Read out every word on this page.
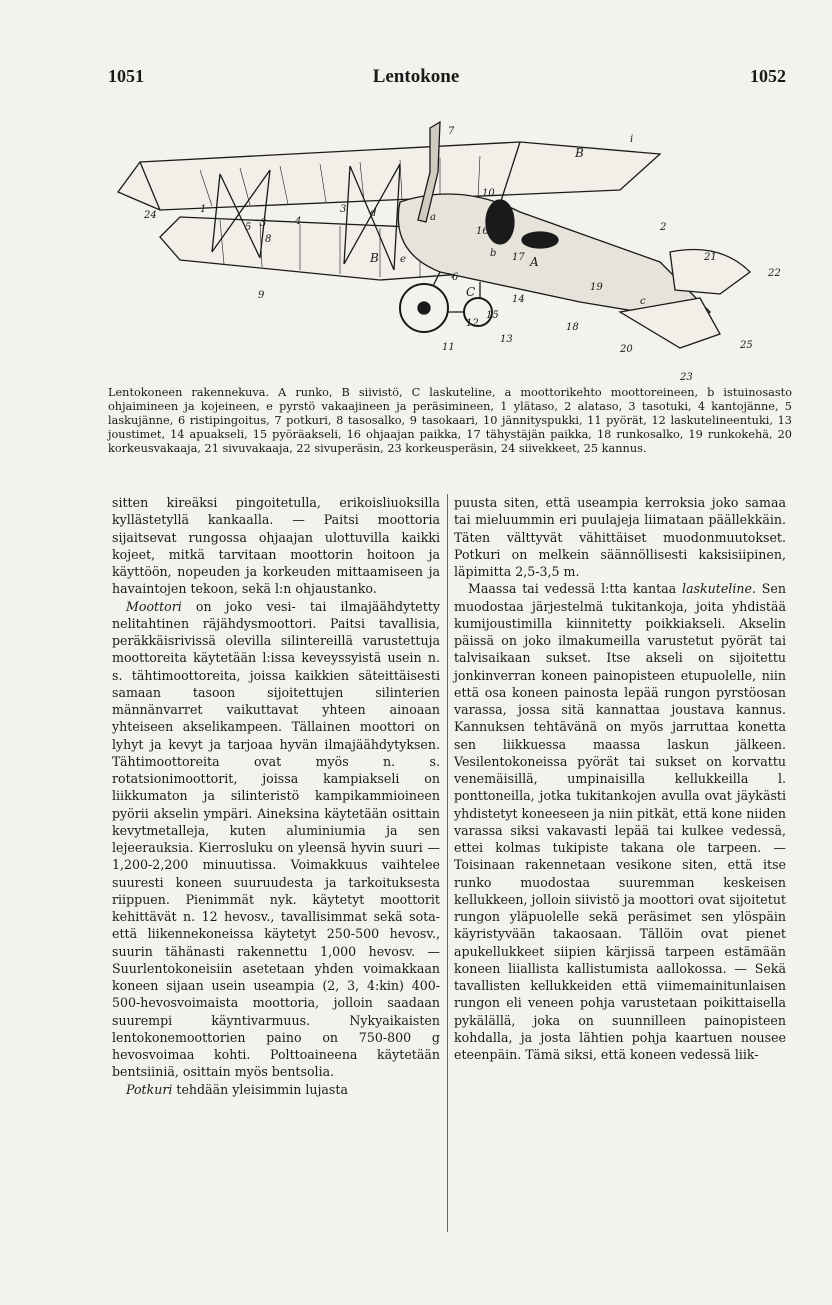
1051	Lentokone	1052
B
B	A
C
a
c
d
e
i
b
2
3
3
4
5
6
7
8
9
10
11
12
13
14
15
16
17
18
19
20
21
22
23
24
25
1

Lentokoneen rakennekuva. A runko, B siivistö, C laskuteline, a moottorikehto moottoreineen, b istuinosasto ohjaimineen ja kojeineen, e pyrstö vakaajineen ja peräsimineen, 1 ylätaso, 2 alataso, 3 tasotuki, 4 kantojänne, 5 laskujänne, 6 ristipingoitus, 7 potkuri, 8 tasosalko, 9 tasokaari, 10 jännityspukki, 11 pyörät, 12 laskutelineentuki, 13 joustimet, 14 apuakseli, 15 pyöräakseli, 16 ohjaajan paikka, 17 tähystäjän paikka, 18 runkosalko, 19 runkokehä, 20 korkeusvakaaja, 21 sivuvakaaja, 22 sivuperäsin, 23 korkeusperäsin, 24 siivekkeet, 25 kannus.

sitten kireäksi pingoitetulla, erikoisliuoksilla kyllästetyllä kankaalla. — Paitsi moottoria sijaitsevat rungossa ohjaajan ulottuvilla kaikki kojeet, mitkä tarvitaan moottorin hoitoon ja käyttöön, nopeuden ja korkeuden mittaamiseen ja havaintojen tekoon, sekä l:n ohjaustanko.

Moottori on joko vesi- tai ilmajäähdytetty nelitahtinen räjähdysmoottori. Paitsi tavallisia, peräkkäisrivissä olevilla silintereillä varustettuja moottoreita käytetään l:issa keveyssyistä usein n. s. tähtimoottoreita, joissa kaikkien säteittäisesti samaan tasoon sijoitettujen silinterien männänvarret vaikuttavat yhteen ainoaan yhteiseen akselikampeen. Tällainen moottori on lyhyt ja kevyt ja tarjoaa hyvän ilmajäähdytyksen. Tähtimoottoreita ovat myös n. s. rotatsionimoottorit, joissa kampiakseli on liikkumaton ja silinteristö kampikammioineen pyörii akselin ympäri. Aineksina käytetään osittain kevytmetalleja, kuten aluminiumia ja sen lejeerauksia. Kierrosluku on yleensä hyvin suuri — 1,200-2,200 minuutissa. Voimakkuus vaihtelee suuresti koneen suuruudesta ja tarkoituksesta riippuen. Pienimmät nyk. käytetyt moottorit kehittävät n. 12 hevosv., tavallisimmat sekä sota- että liikennekoneissa käytetyt 250-500 hevosv., suurin tähänasti rakennettu 1,000 hevosv. — Suurlentokoneisiin asetetaan yhden voimakkaan koneen sijaan usein useampia (2, 3, 4:kin) 400-500-hevosvoimaista moottoria, jolloin saadaan suurempi käyntivarmuus. Nykyaikaisten lentokonemoottorien paino on 750-800 g hevosvoimaa kohti. Polttoaineena käytetään bentsiiniä, osittain myös bentsolia.

Potkuri tehdään yleisimmin lujasta

puusta siten, että useampia kerroksia joko samaa tai mieluummin eri puulajeja liimataan päällekkäin. Täten välttyvät vähittäiset muodonmuutokset. Potkuri on melkein säännöllisesti kaksisiipinen, läpimitta 2,5-3,5 m.

Maassa tai vedessä l:tta kantaa laskuteline. Sen muodostaa järjestelmä tukitankoja, joita yhdistää kumijoustimilla kiinnitetty poikkiakseli. Akselin päissä on joko ilmakumeilla varustetut pyörät tai talvisaikaan sukset. Itse akseli on sijoitettu jonkinverran koneen painopisteen etupuolelle, niin että osa koneen painosta lepää rungon pyrstöosan varassa, jossa sitä kannattaa joustava kannus. Kannuksen tehtävänä on myös jarruttaa konetta sen liikkuessa maassa laskun jälkeen. Vesilentokoneissa pyörät tai sukset on korvattu venemäisillä, umpinaisilla kellukkeilla l. ponttoneilla, jotka tukitankojen avulla ovat jäykästi yhdistetyt koneeseen ja niin pitkät, että kone niiden varassa siksi vakavasti lepää tai kulkee vedessä, ettei kolmas tukipiste takana ole tarpeen. — Toisinaan rakennetaan vesikone siten, että itse runko muodostaa suuremman keskeisen kellukkeen, jolloin siivistö ja moottori ovat sijoitetut rungon yläpuolelle sekä peräsimet sen ylöspäin käyristyvään takaosaan. Tällöin ovat pienet apukellukkeet siipien kärjissä tarpeen estämään koneen liiallista kallistumista aallokossa. — Sekä tavallisten kellukkeiden että viimemainitunlaisen rungon eli veneen pohja varustetaan poikittaisella pykälällä, joka on suunnilleen painopisteen kohdalla, ja josta lähtien pohja kaartuen nousee eteenpäin. Tämä siksi, että koneen vedessä liik-
